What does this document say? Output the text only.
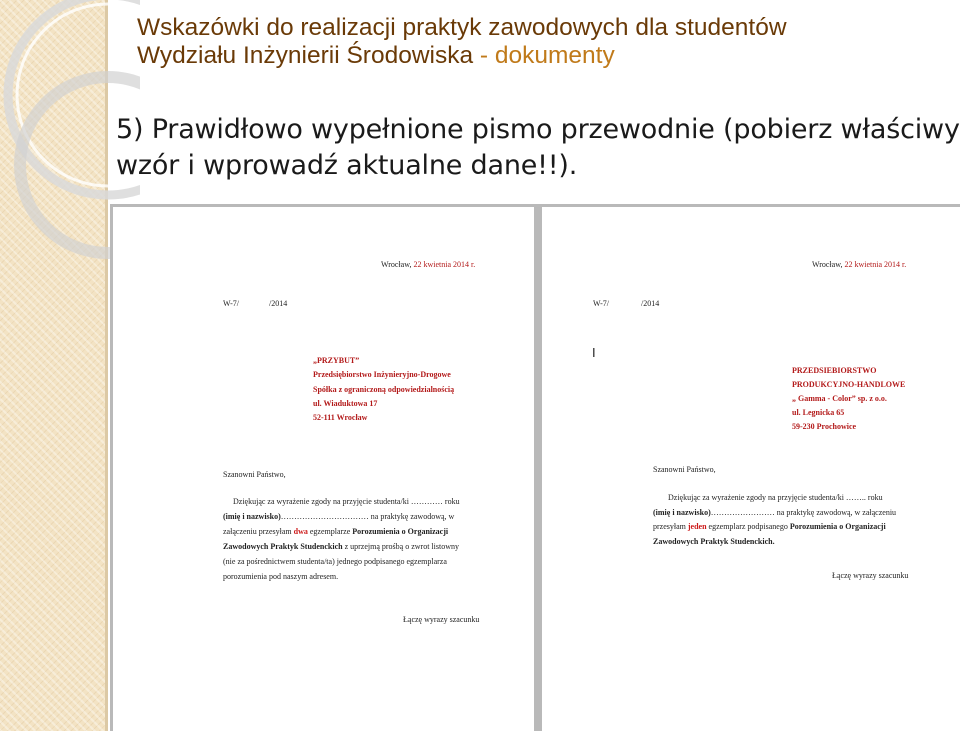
Wskazówki do realizacji praktyk zawodowych dla studentów
Wydziału Inżynierii Środowiska - dokumenty
5) Prawidłowo wypełnione pismo przewodnie (pobierz właściwy
wzór i wprowadź aktualne dane!!).
Wrocław, 22 kwietnia 2014 r.
W-7/	/2014
„PRZYBUT”
Przedsiębiorstwo Inżynieryjno-Drogowe
Spółka z ograniczoną odpowiedzialnością
ul. Wiaduktowa 17
52-111 Wrocław
Szanowni Państwo,
Dziękując za wyrażenie zgody na przyjęcie studenta/ki ………… roku
(imię i nazwisko)…………………………… na praktykę zawodową, w
załączeniu przesyłam dwa egzemplarze Porozumienia o Organizacji
Zawodowych Praktyk Studenckich z uprzejmą prośbą o zwrot listowny
(nie za pośrednictwem studenta/ta) jednego podpisanego egzemplarza
porozumienia pod naszym adresem.
Łączę wyrazy szacunku
Wrocław, 22 kwietnia 2014 r.
W-7/	/2014
I
PRZEDSIEBIORSTWO
PRODUKCYJNO-HANDLOWE
„ Gamma - Color” sp. z o.o.
ul. Legnicka 65
59-230 Prochowice
Szanowni Państwo,
Dziękując za wyrażenie zgody na przyjęcie studenta/ki …….. roku
(imię i nazwisko)…………………… na praktykę zawodową, w załączeniu
przesyłam jeden egzemplarz podpisanego Porozumienia o Organizacji
Zawodowych Praktyk Studenckich.
Łączę wyrazy szacunku
